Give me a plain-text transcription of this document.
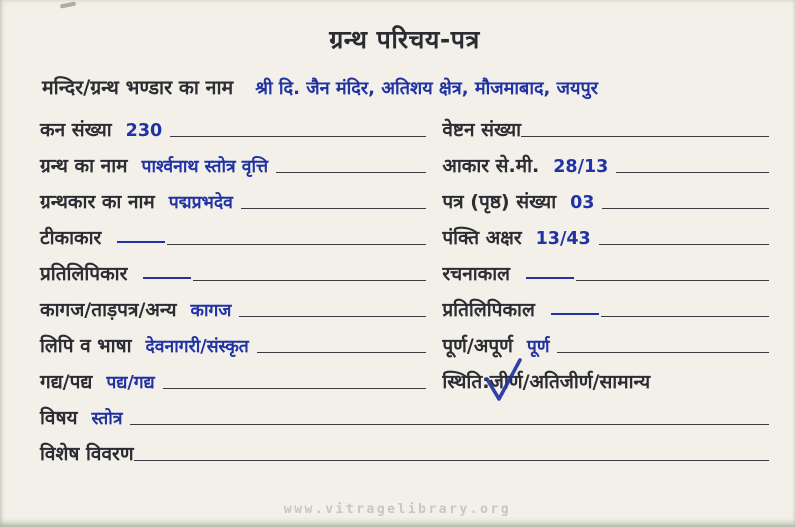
ग्रन्थ परिचय-पत्र
मन्दिर/ग्रन्थ भण्डार का नाम श्री दि. जैन मंदिर, अतिशय क्षेत्र, मौजमाबाद, जयपुर
कन संख्या 230	वेष्टन संख्या
ग्रन्थ का नाम पार्श्वनाथ स्तोत्र वृत्ति	आकार से.मी. 28/13
ग्रन्थकार का नाम पद्मप्रभदेव	पत्र (पृष्ठ) संख्या 03
टीकाकार	पंक्ति अक्षर 13/43
प्रतिलिपिकार	रचनाकाल
कागज/ताड़पत्र/अन्य कागज	प्रतिलिपिकाल
लिपि व भाषा देवनागरी/संस्कृत	पूर्ण/अपूर्ण पूर्ण
गद्य/पद्य पद्य/गद्य	स्थिति: जीर्ण /अतिजीर्ण/सामान्य
विषय स्तोत्र
विशेष विवरण
www.vitragelibrary.org
